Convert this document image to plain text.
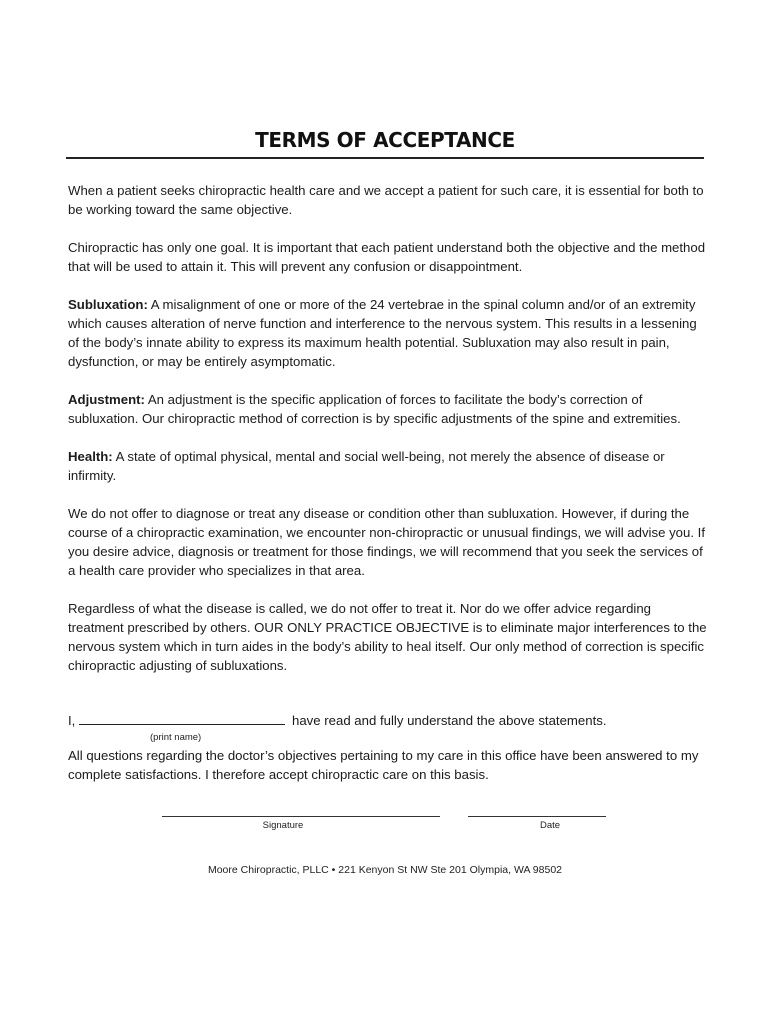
TERMS OF ACCEPTANCE

When a patient seeks chiropractic health care and we accept a patient for such care, it is essential for both to be working toward the same objective.

Chiropractic has only one goal. It is important that each patient understand both the objective and the method that will be used to attain it. This will prevent any confusion or disappointment.

Subluxation: A misalignment of one or more of the 24 vertebrae in the spinal column and/or of an extremity which causes alteration of nerve function and interference to the nervous system. This results in a lessening of the body’s innate ability to express its maximum health potential. Subluxation may also result in pain, dysfunction, or may be entirely asymptomatic.

Adjustment: An adjustment is the specific application of forces to facilitate the body’s correction of subluxation. Our chiropractic method of correction is by specific adjustments of the spine and extremities.

Health: A state of optimal physical, mental and social well-being, not merely the absence of disease or infirmity.

We do not offer to diagnose or treat any disease or condition other than subluxation. However, if during the course of a chiropractic examination, we encounter non-chiropractic or unusual findings, we will advise you. If you desire advice, diagnosis or treatment for those findings, we will recommend that you seek the services of a health care provider who specializes in that area.

Regardless of what the disease is called, we do not offer to treat it. Nor do we offer advice regarding treatment prescribed by others. OUR ONLY PRACTICE OBJECTIVE is to eliminate major interferences to the nervous system which in turn aides in the body’s ability to heal itself. Our only method of correction is specific chiropractic adjusting of subluxations.

I,	have read and fully understand the above statements.
(print name)
All questions regarding the doctor’s objectives pertaining to my care in this office have been answered to my complete satisfactions. I therefore accept chiropractic care on this basis.
Signature	Date
Moore Chiropractic, PLLC • 221 Kenyon St NW Ste 201 Olympia, WA 98502
